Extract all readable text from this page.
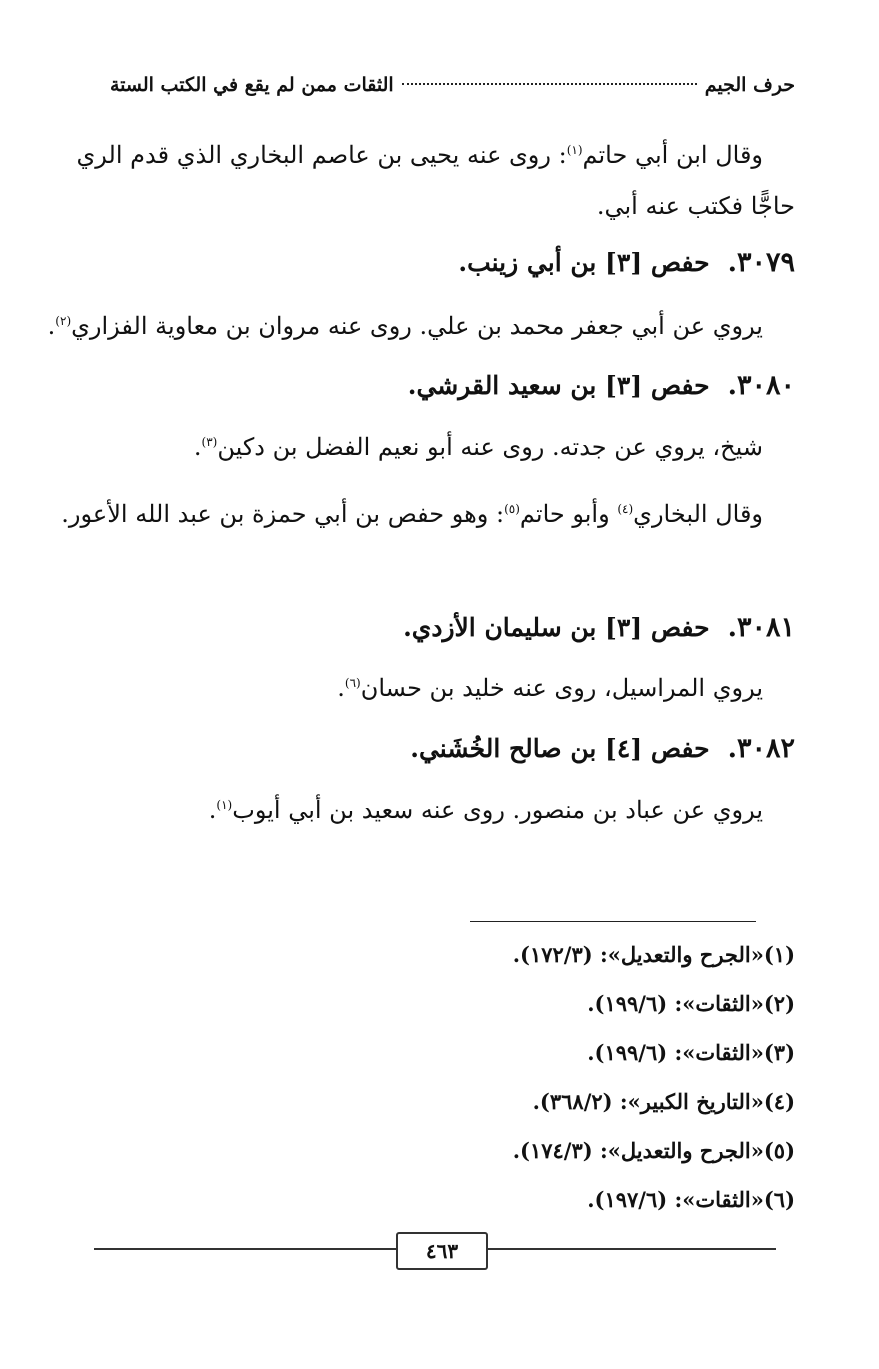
حرف الجيم
الثقات ممن لم يقع في الكتب الستة
وقال ابن أبي حاتم$^{(١)}$: روى عنه يحيى بن عاصم البخاري الذي قدم الري
حاجًّا فكتب عنه أبي.
٣٠٧٩.
حفص [٣] بن أبي زينب.
يروي عن أبي جعفر محمد بن علي. روى عنه مروان بن معاوية الفزاري$^{(٢)}$.
٣٠٨٠.
حفص [٣] بن سعيد القرشي.
شيخ، يروي عن جدته. روى عنه أبو نعيم الفضل بن دكين$^{(٣)}$.
وقال البخاري$^{(٤)}$ وأبو حاتم$^{(٥)}$: وهو حفص بن أبي حمزة بن عبد الله الأعور.
٣٠٨١.
حفص [٣] بن سليمان الأزدي.
يروي المراسيل، روى عنه خليد بن حسان$^{(٦)}$.
٣٠٨٢.
حفص [٤] بن صالح الخُشَني.
يروي عن عباد بن منصور. روى عنه سعيد بن أبي أيوب$^{(١)}$.
(١)«الجرح والتعديل»: (١٧٢/٣).
(٢)«الثقات»: (١٩٩/٦).
(٣)«الثقات»: (١٩٩/٦).
(٤)«التاريخ الكبير»: (٣٦٨/٢).
(٥)«الجرح والتعديل»: (١٧٤/٣).
(٦)«الثقات»: (١٩٧/٦).
٤٦٣
